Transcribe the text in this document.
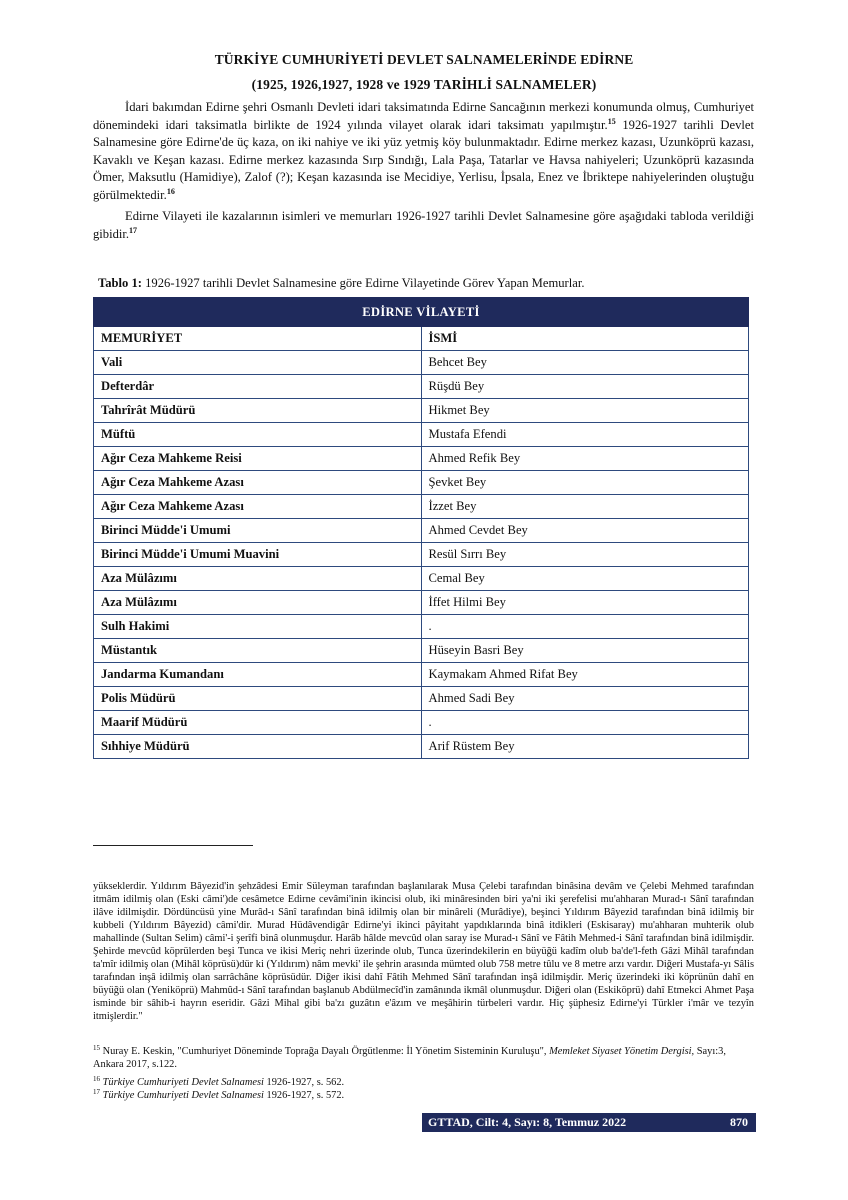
TÜRKİYE CUMHURİYETİ DEVLET SALNAMELERİNDE EDİRNE
(1925, 1926,1927, 1928 ve 1929 TARİHLİ SALNAMELER)
İdari bakımdan Edirne şehri Osmanlı Devleti idari taksimatında Edirne Sancağının merkezi konumunda olmuş, Cumhuriyet dönemindeki idari taksimatla birlikte de 1924 yılında vilayet olarak idari taksimatı yapılmıştır.$^{15}$ 1926-1927 tarihli Devlet Salnamesine göre Edirne'de üç kaza, on iki nahiye ve iki yüz yetmiş köy bulunmaktadır. Edirne merkez kazası, Uzunköprü kazası, Kavaklı ve Keşan kazası. Edirne merkez kazasında Sırp Sındığı, Lala Paşa, Tatarlar ve Havsa nahiyeleri; Uzunköprü kazasında Ömer, Maksutlu (Hamidiye), Zalof (?); Keşan kazasında ise Mecidiye, Yerlisu, İpsala, Enez ve İbriktepe nahiyelerinden oluştuğu görülmektedir.$^{16}$
Edirne Vilayeti ile kazalarının isimleri ve memurları 1926-1927 tarihli Devlet Salnamesine göre aşağıdaki tabloda verildiği gibidir.$^{17}$
Tablo 1: 1926-1927 tarihli Devlet Salnamesine göre Edirne Vilayetinde Görev Yapan Memurlar.
EDİRNE VİLAYETİ	
MEMURİYET	İSMİ
Vali	Behcet Bey
Defterdâr	Rüşdü Bey
Tahrîrât Müdürü	Hikmet Bey
Müftü	Mustafa Efendi
Ağır Ceza Mahkeme Reisi	Ahmed Refik Bey
Ağır Ceza Mahkeme Azası	Şevket Bey
Ağır Ceza Mahkeme Azası	İzzet Bey
Birinci Müdde'i Umumi	Ahmed Cevdet Bey
Birinci Müdde'i Umumi Muavini	Resül Sırrı Bey
Aza Mülâzımı	Cemal Bey
Aza Mülâzımı	İffet Hilmi Bey
Sulh Hakimi	.
Müstantık	Hüseyin Basri Bey
Jandarma Kumandanı	Kaymakam Ahmed Rifat Bey
Polis Müdürü	Ahmed Sadi Bey
Maarif Müdürü	.
Sıhhiye Müdürü	Arif Rüstem Bey
yükseklerdir. Yıldırım Bâyezid'in şehzâdesi Emir Süleyman tarafından başlanılarak Musa Çelebi tarafından binâsina devâm ve Çelebi Mehmed tarafından itmâm idilmiş olan (Eski câmi')de cesâmetce Edirne cevâmi'inin ikincisi olub, iki minâresinden biri ya'ni iki şerefelisi mu'ahharan Murad-ı Sânî tarafından ilâve idilmişdir. Dördüncüsü yine Murâd-ı Sânî tarafından binâ idilmiş olan bir minâreli (Murâdiye), beşinci Yıldırım Bâyezid tarafından binâ idilmiş bir kubbeli (Yıldırım Bâyezid) câmi'dir. Murad Hüdâvendigâr Edirne'yi ikinci pâyitaht yapdıklarında binâ itdikleri (Eskisaray) mu'ahharan muhterik olub mahallinde (Sultan Selim) câmi'-i şerîfi binâ olunmuşdur. Harâb hâlde mevcûd olan saray ise Murad-ı Sânî ve Fâtih Mehmed-i Sânî tarafından binâ idilmişdir. Şehirde mevcûd köprülerden beşi Tunca ve ikisi Meriç nehri üzerinde olub, Tunca üzerindekilerin en büyüğü kadîm olub ba'de'l-feth Gâzi Mihâl tarafından ta'mîr idilmiş olan (Mihâl köprüsü)dür ki (Yıldırım) nâm mevki' ile şehrin arasında mümted olub 758 metre tûlu ve 8 metre arzı vardır. Diğeri Mustafa-yı Sâlis tarafından inşâ idilmiş olan sarrâchâne köprüsüdür. Diğer ikisi dahî Fâtih Mehmed Sânî tarafından inşâ idilmişdir. Meriç üzerindeki iki köprünün dahî en büyüğü olan (Yeniköprü) Mahmûd-ı Sânî tarafından başlanub Abdülmecîd'in zamânında ikmâl olunmuşdur. Diğeri olan (Eskiköprü) dahî Etmekci Ahmet Paşa isminde bir sâhib-i hayrın eseridir. Gâzi Mihal gibi ba'zı guzâtın e'âzım ve meşâhirin türbeleri vardır. Hiç şüphesiz Edirne'yi Türkler i'mâr ve tezyîn itmişlerdir."
$^{15}$ Nuray E. Keskin, "Cumhuriyet Döneminde Toprağa Dayalı Örgütlenme: İl Yönetim Sisteminin Kuruluşu", Memleket Siyaset Yönetim Dergisi, Sayı:3, Ankara 2017, s.122.
$^{16}$ Türkiye Cumhuriyeti Devlet Salnamesi 1926-1927, s. 562.
$^{17}$ Türkiye Cumhuriyeti Devlet Salnamesi 1926-1927, s. 572.
GTTAD, Cilt: 4, Sayı: 8, Temmuz 2022	870
